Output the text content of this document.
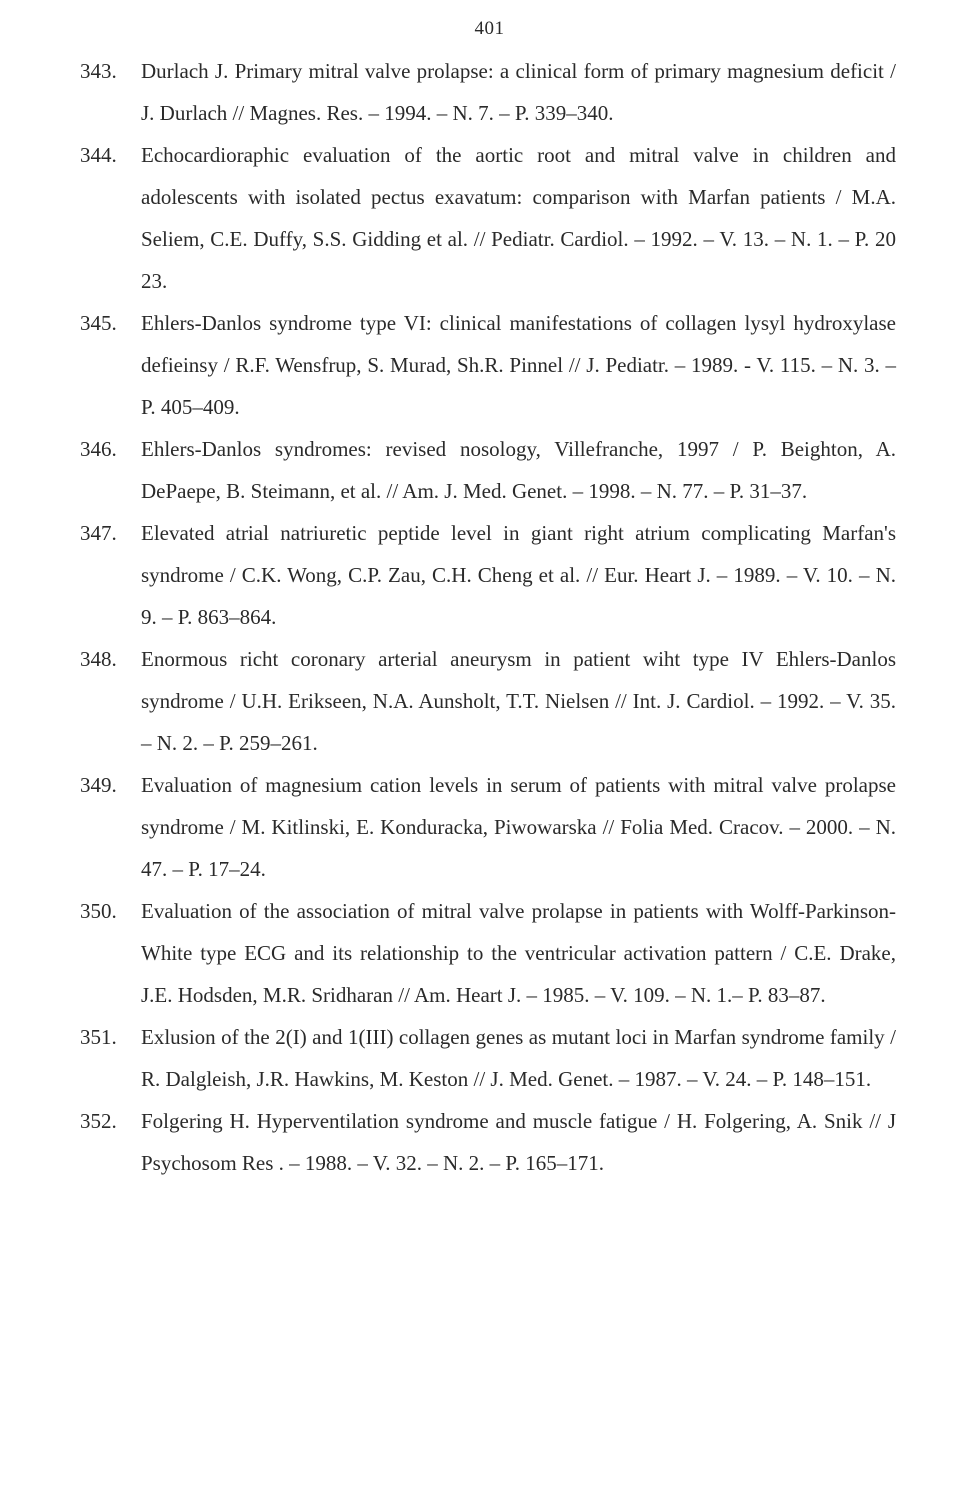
401
343.	Durlach J. Primary mitral valve prolapse: a clinical form of primary magnesium deficit / J. Durlach // Magnes. Res. – 1994. – N. 7. – P. 339–340.
344.	Echocardioraphic evaluation of the aortic root and mitral valve in children and adolescents with isolated pectus exavatum: comparison with Marfan patients / M.A. Seliem, C.E. Duffy, S.S. Gidding et al. // Pediatr. Cardiol. – 1992. – V. 13. – N. 1. – P. 20 23.
345.	Ehlers-Danlos syndrome type VI: clinical manifestations of collagen lysyl hydroxylase defieinsy / R.F. Wensfrup, S. Murad, Sh.R. Pinnel // J. Pediatr. – 1989. - V. 115. – N. 3. – P. 405–409.
346.	Ehlers-Danlos syndromes: revised nosology, Villefranche, 1997 / P. Beighton, A. DePaepe, B. Steimann, et al. // Am. J. Med. Genet. – 1998. – N. 77. – P. 31–37.
347.	Elevated atrial natriuretic peptide level in giant right atrium complicating Marfan's syndrome / C.K. Wong, C.P. Zau, C.H. Cheng et al. // Eur. Heart J. – 1989. – V. 10. – N. 9. – P. 863–864.
348.	Enormous richt coronary arterial aneurysm in patient wiht type IV Ehlers-Danlos syndrome / U.H. Erikseen, N.A. Aunsholt, T.T. Nielsen // Int. J. Cardiol. – 1992. – V. 35. – N. 2. – P. 259–261.
349.	Evaluation of magnesium cation levels in serum of patients with mitral valve prolapse syndrome / M. Kitlinski, E. Konduracka, Piwowarska // Folia Med. Cracov. – 2000. – N. 47. – P. 17–24.
350.	Evaluation of the association of mitral valve prolapse in patients with Wolff-Parkinson-White type ECG and its relationship to the ventricular activation pattern / C.E. Drake, J.E. Hodsden, M.R. Sridharan // Am. Heart J. – 1985. – V. 109. – N. 1.– P. 83–87.
351.	Exlusion of the 2(I) and 1(III) collagen genes as mutant loci in Marfan syndrome family / R. Dalgleish, J.R. Hawkins, M. Keston // J. Med. Genet. – 1987. – V. 24. – P. 148–151.
352.	Folgering H. Hyperventilation syndrome and muscle fatigue / H. Folgering, A. Snik // J Psychosom Res . – 1988. – V. 32. – N. 2. – P. 165–171.
